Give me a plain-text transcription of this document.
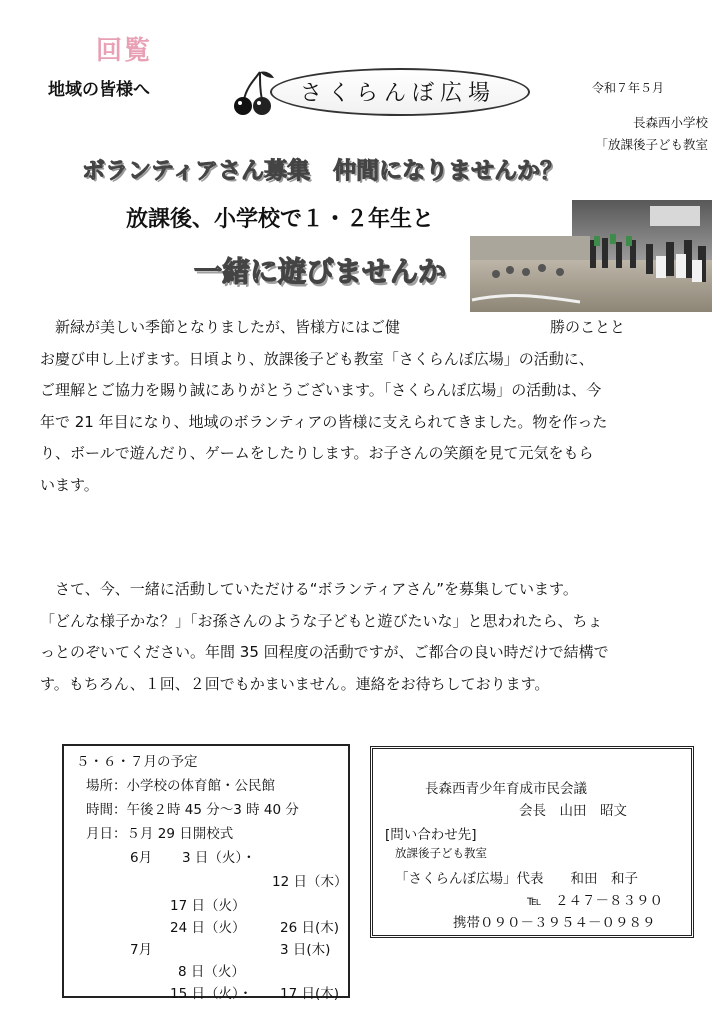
回覧
地域の皆様へ	さくらんぼ広場	令和７年５月
長森西小学校
「放課後子ども教室
ボランティアさん募集　仲間になりませんか？
放課後、小学校で１・２年生と
一緒に遊びませんか

　新緑が美しい季節となりましたが、皆様方にはご健　　　　　　　　　　勝のことと

お慶び申し上げます。日頃より、放課後子ども教室「さくらんぼ広場」の活動に、

ご理解とご協力を賜り誠にありがとうございます。「さくらんぼ広場」の活動は、今

年で 21 年目になり、地域のボランティアの皆様に支えられてきました。物を作った

り、ボールで遊んだり、ゲームをしたりします。お子さんの笑顔を見て元気をもら

います。

　さて、今、一緒に活動していただける“ボランティアさん”を募集しています。

「どんな様子かな？」「お孫さんのような子どもと遊びたいな」と思われたら、ちょ

っとのぞいてください。年間 35 回程度の活動ですが、ご都合の良い時だけで結構で

す。もちろん、１回、２回でもかまいません。連絡をお待ちしております。

５・６・７月の予定
場所：小学校の体育館・公民館
時間：午後２時 45 分～3 時 40 分
月日：５月 29 日開校式
6月 3 日（火）・
12 日（木）
17 日（火）
24 日（火）	26 日(木)
7月	3 日(木)
8 日（火）
15 日（火）・ 17 日(木)
長森西青少年育成市民会議
会長　山田　昭文
[問い合わせ先]
放課後子ども教室
「さくらんぼ広場」代表　　和田　和子
℡　２４７－８３９０
携帯０９０－３９５４－０９８９
